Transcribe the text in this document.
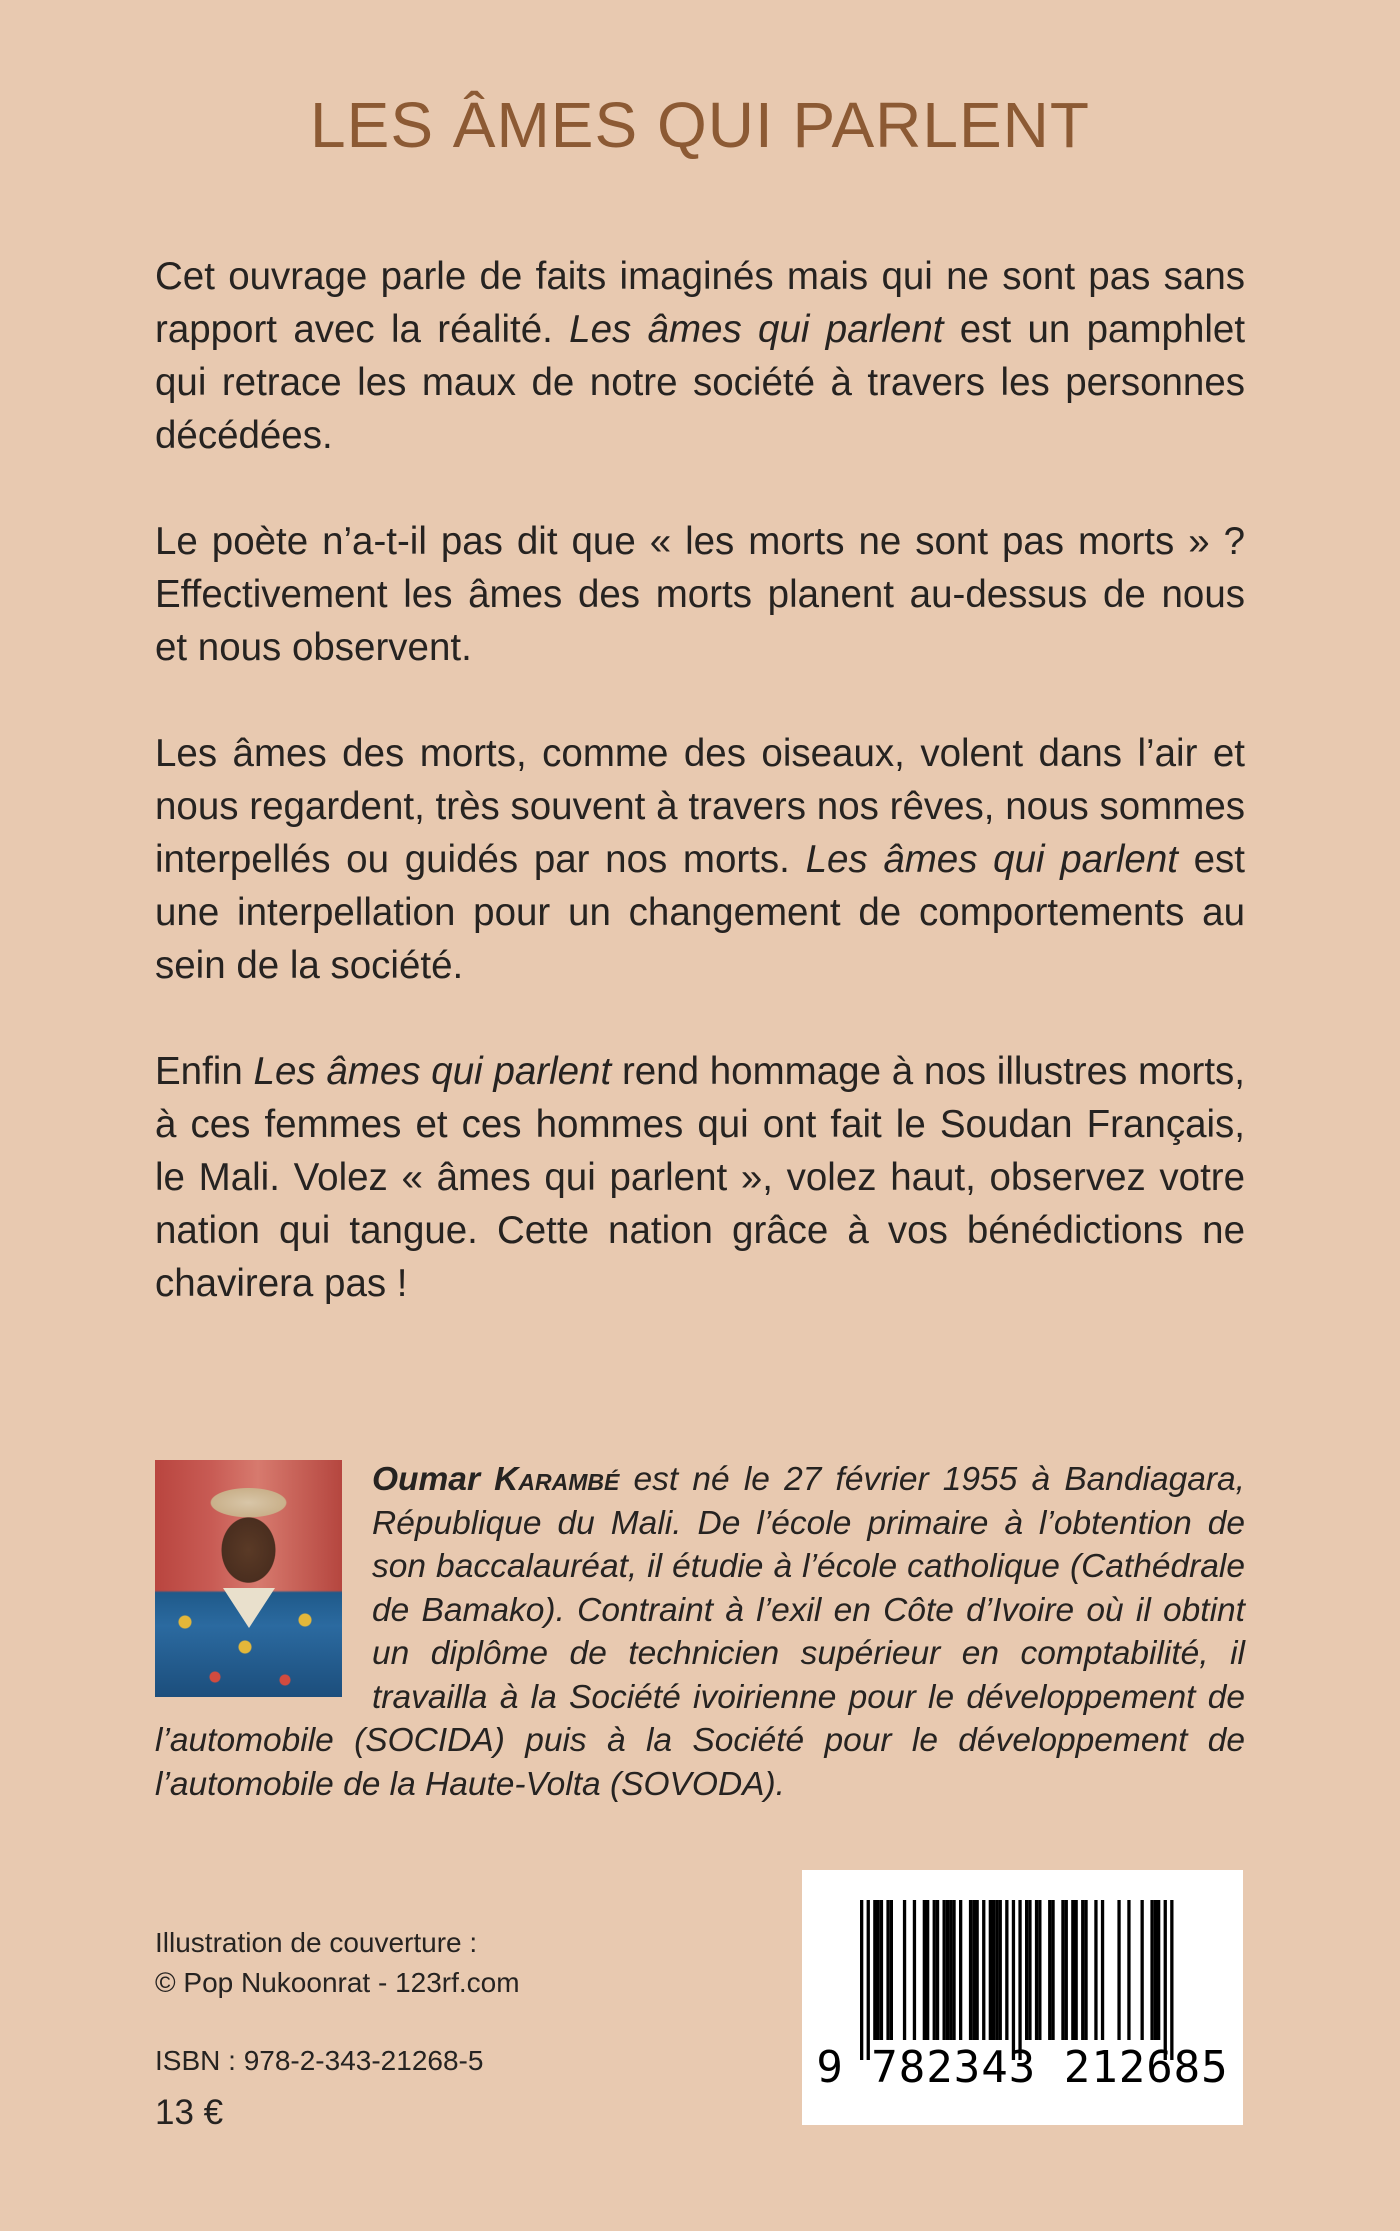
LES ÂMES QUI PARLENT

Cet ouvrage parle de faits imaginés mais qui ne sont pas sans rapport avec la réalité. Les âmes qui parlent est un pamphlet qui retrace les maux de notre société à travers les personnes décédées.

Le poète n’a-t-il pas dit que « les morts ne sont pas morts » ? Effectivement les âmes des morts planent au-dessus de nous et nous observent.

Les âmes des morts, comme des oiseaux, volent dans l’air et nous regardent, très souvent à travers nos rêves, nous sommes interpellés ou guidés par nos morts. Les âmes qui parlent est une interpellation pour un changement de comportements au sein de la société.

Enfin Les âmes qui parlent rend hommage à nos illustres morts, à ces femmes et ces hommes qui ont fait le Soudan Français, le Mali. Volez « âmes qui parlent », volez haut, observez votre nation qui tangue. Cette nation grâce à vos bénédictions ne chavirera pas !

Oumar Karambé est né le 27 février 1955 à Bandiagara, République du Mali. De l’école primaire à l’obtention de son baccalauréat, il étudie à l’école catholique (Cathédrale de Bamako). Contraint à l’exil en Côte d’Ivoire où il obtint un diplôme de technicien supérieur en comptabilité, il travailla à la Société ivoirienne pour le développement de l’automobile (SOCIDA) puis à la Société pour le développement de l’automobile de la Haute-Volta (SOVODA).
Illustration de couverture :
© Pop Nukoonrat - 123rf.com
ISBN : 978-2-343-21268-5
13 €
9 782343 212685
